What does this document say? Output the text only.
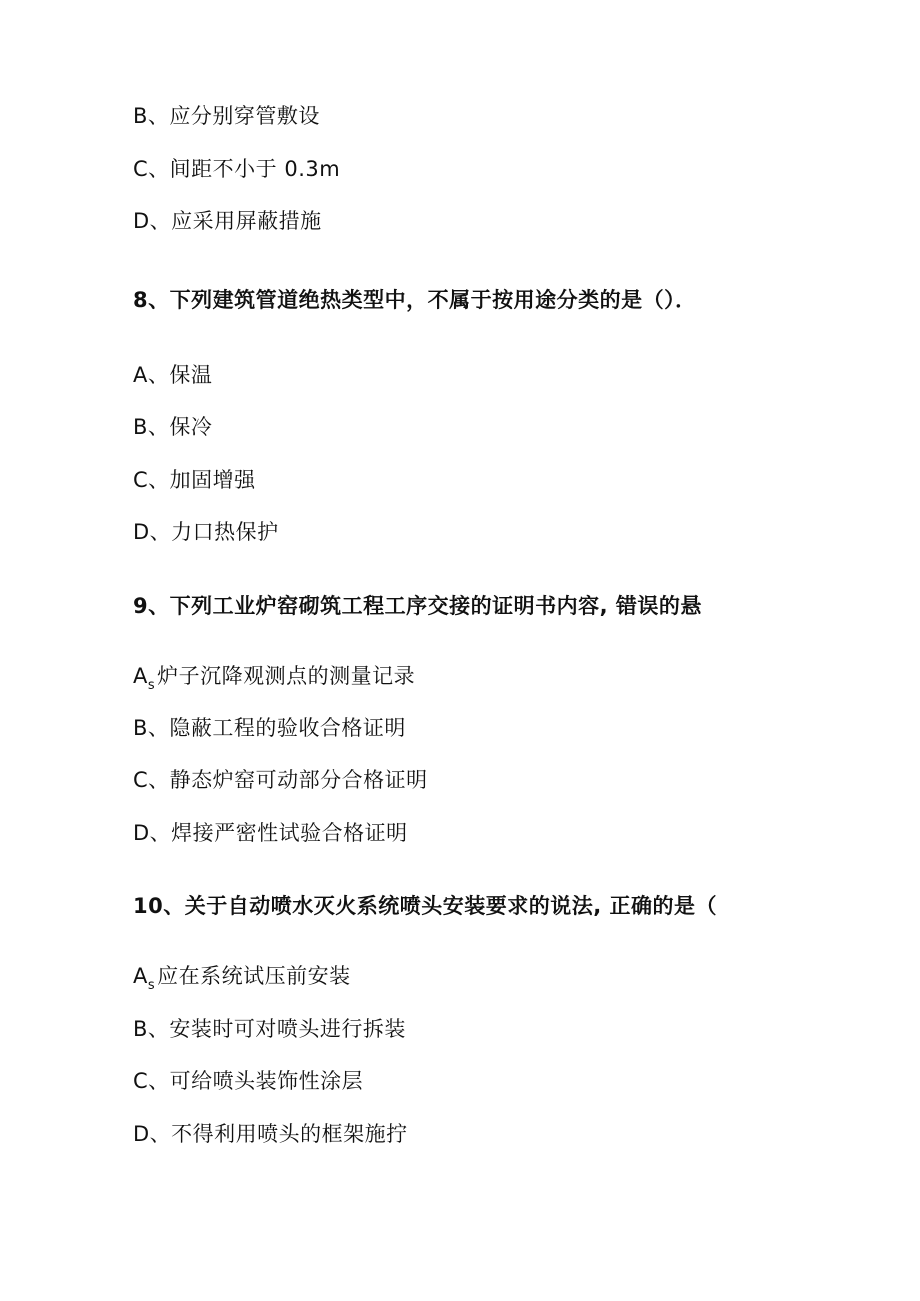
B、应分别穿管敷设
C、间距不小于 0.3m
D、应采用屏蔽措施
8、下列建筑管道绝热类型中，不属于按用途分类的是（）．
A、保温
B、保冷
C、加固增强
D、力口热保护
9、下列工业炉窑砌筑工程工序交接的证明书内容, 错误的悬
$A_s$炉子沉降观测点的测量记录
B、隐蔽工程的验收合格证明
C、静态炉窑可动部分合格证明
D、焊接严密性试验合格证明
10、关于自动喷水灭火系统喷头安装要求的说法, 正确的是（
$A_s$应在系统试压前安装
B、安装时可对喷头进行拆装
C、可给喷头装饰性涂层
D、不得利用喷头的框架施拧
